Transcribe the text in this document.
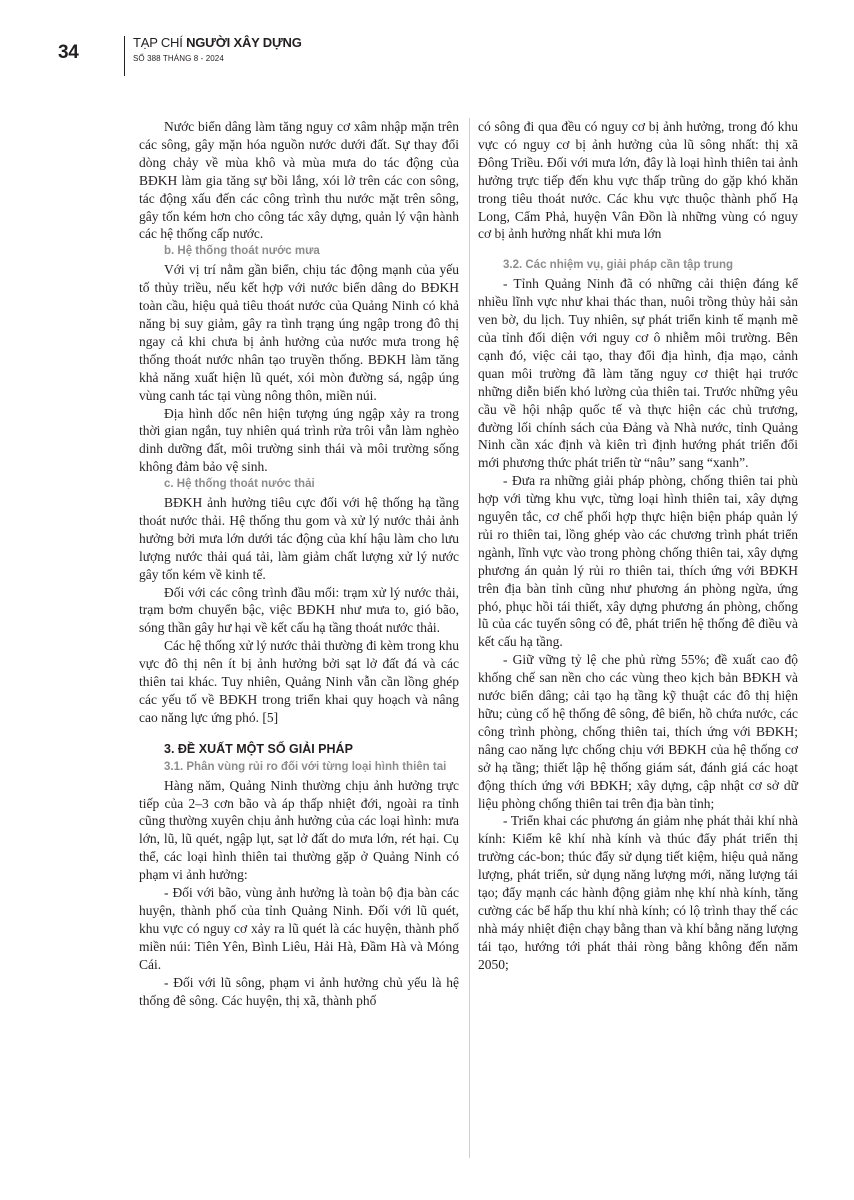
34	TẠP CHÍ NGƯỜI XÂY DỰNG
SỐ 388 THÁNG 8 - 2024

Nước biển dâng làm tăng nguy cơ xâm nhập mặn trên các sông, gây mặn hóa nguồn nước dưới đất. Sự thay đổi dòng chảy về mùa khô và mùa mưa do tác động của BĐKH làm gia tăng sự bồi lắng, xói lở trên các con sông, tác động xấu đến các công trình thu nước mặt trên sông, gây tốn kém hơn cho công tác xây dựng, quản lý vận hành các hệ thống cấp nước.

b. Hệ thống thoát nước mưa

Với vị trí nằm gần biển, chịu tác động mạnh của yếu tố thủy triều, nếu kết hợp với nước biển dâng do BĐKH toàn cầu, hiệu quả tiêu thoát nước của Quảng Ninh có khả năng bị suy giảm, gây ra tình trạng úng ngập trong đô thị ngay cả khi chưa bị ảnh hưởng của nước mưa trong hệ thống thoát nước nhân tạo truyền thống. BĐKH làm tăng khả năng xuất hiện lũ quét, xói mòn đường sá, ngập úng vùng canh tác tại vùng nông thôn, miền núi.

Địa hình dốc nên hiện tượng úng ngập xảy ra trong thời gian ngắn, tuy nhiên quá trình rửa trôi vẫn làm nghèo dinh dưỡng đất, môi trường sinh thái và môi trường sống không đảm bảo vệ sinh.

c. Hệ thống thoát nước thải

BĐKH ảnh hưởng tiêu cực đối với hệ thống hạ tầng thoát nước thải. Hệ thống thu gom và xử lý nước thải ảnh hưởng bởi mưa lớn dưới tác động của khí hậu làm cho lưu lượng nước thải quá tải, làm giảm chất lượng xử lý nước gây tốn kém về kinh tế.

Đối với các công trình đầu mối: trạm xử lý nước thải, trạm bơm chuyển bậc, việc BĐKH như mưa to, gió bão, sóng thần gây hư hại về kết cấu hạ tầng thoát nước thải.

Các hệ thống xử lý nước thải thường đi kèm trong khu vực đô thị nên ít bị ảnh hưởng bởi sạt lở đất đá và các thiên tai khác. Tuy nhiên, Quảng Ninh vẫn cần lồng ghép các yếu tố về BĐKH trong triển khai quy hoạch và nâng cao năng lực ứng phó. [5]

3. ĐỀ XUẤT MỘT SỐ GIẢI PHÁP
3.1. Phân vùng rủi ro đối với từng loại hình thiên tai

Hàng năm, Quảng Ninh thường chịu ảnh hưởng trực tiếp của 2–3 cơn bão và áp thấp nhiệt đới, ngoài ra tỉnh cũng thường xuyên chịu ảnh hưởng của các loại hình: mưa lớn, lũ, lũ quét, ngập lụt, sạt lở đất do mưa lớn, rét hại. Cụ thể, các loại hình thiên tai thường gặp ở Quảng Ninh có phạm vi ảnh hưởng:

- Đối với bão, vùng ảnh hưởng là toàn bộ địa bàn các huyện, thành phố của tỉnh Quảng Ninh. Đối với lũ quét, khu vực có nguy cơ xảy ra lũ quét là các huyện, thành phố miền núi: Tiên Yên, Bình Liêu, Hải Hà, Đầm Hà và Móng Cái.

- Đối với lũ sông, phạm vi ảnh hưởng chủ yếu là hệ thống đê sông. Các huyện, thị xã, thành phố

có sông đi qua đều có nguy cơ bị ảnh hưởng, trong đó khu vực có nguy cơ bị ảnh hưởng của lũ sông nhất: thị xã Đông Triều. Đối với mưa lớn, đây là loại hình thiên tai ảnh hưởng trực tiếp đến khu vực thấp trũng do gặp khó khăn trong tiêu thoát nước. Các khu vực thuộc thành phố Hạ Long, Cẩm Phả, huyện Vân Đồn là những vùng có nguy cơ bị ảnh hưởng nhất khi mưa lớn

3.2. Các nhiệm vụ, giải pháp cần tập trung

- Tỉnh Quảng Ninh đã có những cải thiện đáng kể nhiều lĩnh vực như khai thác than, nuôi trồng thủy hải sản ven bờ, du lịch. Tuy nhiên, sự phát triển kinh tế mạnh mẽ của tỉnh đối diện với nguy cơ ô nhiễm môi trường. Bên cạnh đó, việc cải tạo, thay đổi địa hình, địa mạo, cảnh quan môi trường đã làm tăng nguy cơ thiệt hại trước những diễn biến khó lường của thiên tai. Trước những yêu cầu về hội nhập quốc tế và thực hiện các chủ trương, đường lối chính sách của Đảng và Nhà nước, tỉnh Quảng Ninh cần xác định và kiên trì định hướng phát triển đổi mới phương thức phát triển từ “nâu” sang “xanh”.

- Đưa ra những giải pháp phòng, chống thiên tai phù hợp với từng khu vực, từng loại hình thiên tai, xây dựng nguyên tắc, cơ chế phối hợp thực hiện biện pháp quản lý rủi ro thiên tai, lồng ghép vào các chương trình phát triển ngành, lĩnh vực vào trong phòng chống thiên tai, xây dựng phương án quản lý rủi ro thiên tai, thích ứng với BĐKH trên địa bàn tỉnh cũng như phương án phòng ngừa, ứng phó, phục hồi tái thiết, xây dựng phương án phòng, chống lũ của các tuyến sông có đê, phát triển hệ thống đê điều và kết cấu hạ tầng.

- Giữ vững tỷ lệ che phủ rừng 55%; đề xuất cao độ khống chế san nền cho các vùng theo kịch bản BĐKH và nước biển dâng; cải tạo hạ tầng kỹ thuật các đô thị hiện hữu; củng cố hệ thống đê sông, đê biển, hồ chứa nước, các công trình phòng, chống thiên tai, thích ứng với BĐKH; nâng cao năng lực chống chịu với BĐKH của hệ thống cơ sở hạ tầng; thiết lập hệ thống giám sát, đánh giá các hoạt động thích ứng với BĐKH; xây dựng, cập nhật cơ sở dữ liệu phòng chống thiên tai trên địa bàn tỉnh;

- Triển khai các phương án giảm nhẹ phát thải khí nhà kính: Kiểm kê khí nhà kính và thúc đẩy phát triển thị trường các-bon; thúc đẩy sử dụng tiết kiệm, hiệu quả năng lượng, phát triển, sử dụng năng lượng mới, năng lượng tái tạo; đẩy mạnh các hành động giảm nhẹ khí nhà kính, tăng cường các bể hấp thu khí nhà kính; có lộ trình thay thế các nhà máy nhiệt điện chạy bằng than và khí bằng năng lượng tái tạo, hướng tới phát thải ròng bằng không đến năm 2050;
